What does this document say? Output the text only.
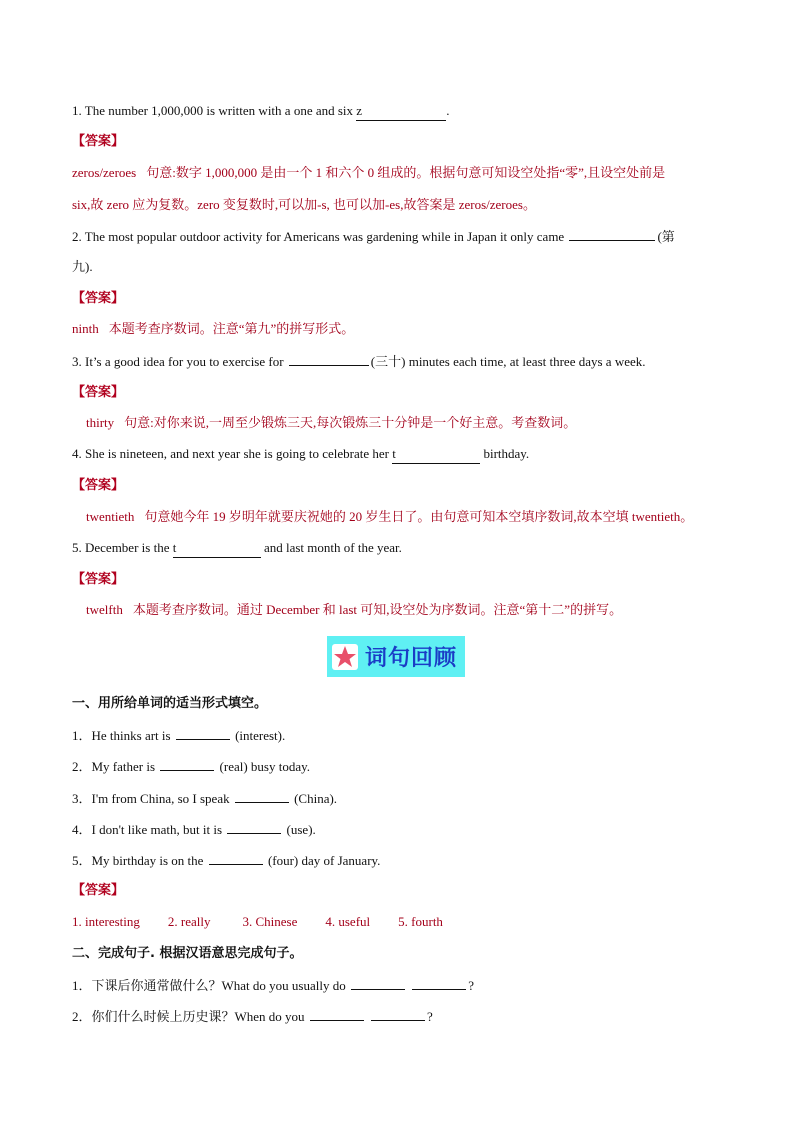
1. The number 1,000,000 is written with a one and six z	.
【答案】
zeros/zeroes 句意:数字 1,000,000 是由一个 1 和六个 0 组成的。根据句意可知设空处指“零”,且设空处前是
six,故 zero 应为复数。zero 变复数时,可以加-s, 也可以加-es,故答案是 zeros/zeroes。
2. The most popular outdoor activity for Americans was gardening while in Japan it only came	(第
九).
【答案】
ninth 本题考查序数词。注意“第九”的拼写形式。
3. It’s a good idea for you to exercise for	(三十) minutes each time, at least three days a week.
【答案】
thirty 句意:对你来说,一周至少锻炼三天,每次锻炼三十分钟是一个好主意。考查数词。
4. She is nineteen, and next year she is going to celebrate her t	birthday.
【答案】
twentieth 句意她今年 19 岁明年就要庆祝她的 20 岁生日了。由句意可知本空填序数词,故本空填 twentieth。
5. December is the t	and last month of the year.
【答案】
twelfth 本题考查序数词。通过 December 和 last 可知,设空处为序数词。注意“第十二”的拼写。
词句回顾
一、用所给单词的适当形式填空。
1．He thinks art is	(interest).
2．My father is	(real) busy today.
3．I'm from China, so I speak	(China).
4．I don't like math, but it is	(use).
5．My birthday is on the	(four) day of January.
【答案】
1. interesting 2. really 3. Chinese 4. useful 5. fourth
二、完成句子. 根据汉语意思完成句子。
1．下课后你通常做什么？What do you usually do	?
2．你们什么时候上历史课？When do you	?
